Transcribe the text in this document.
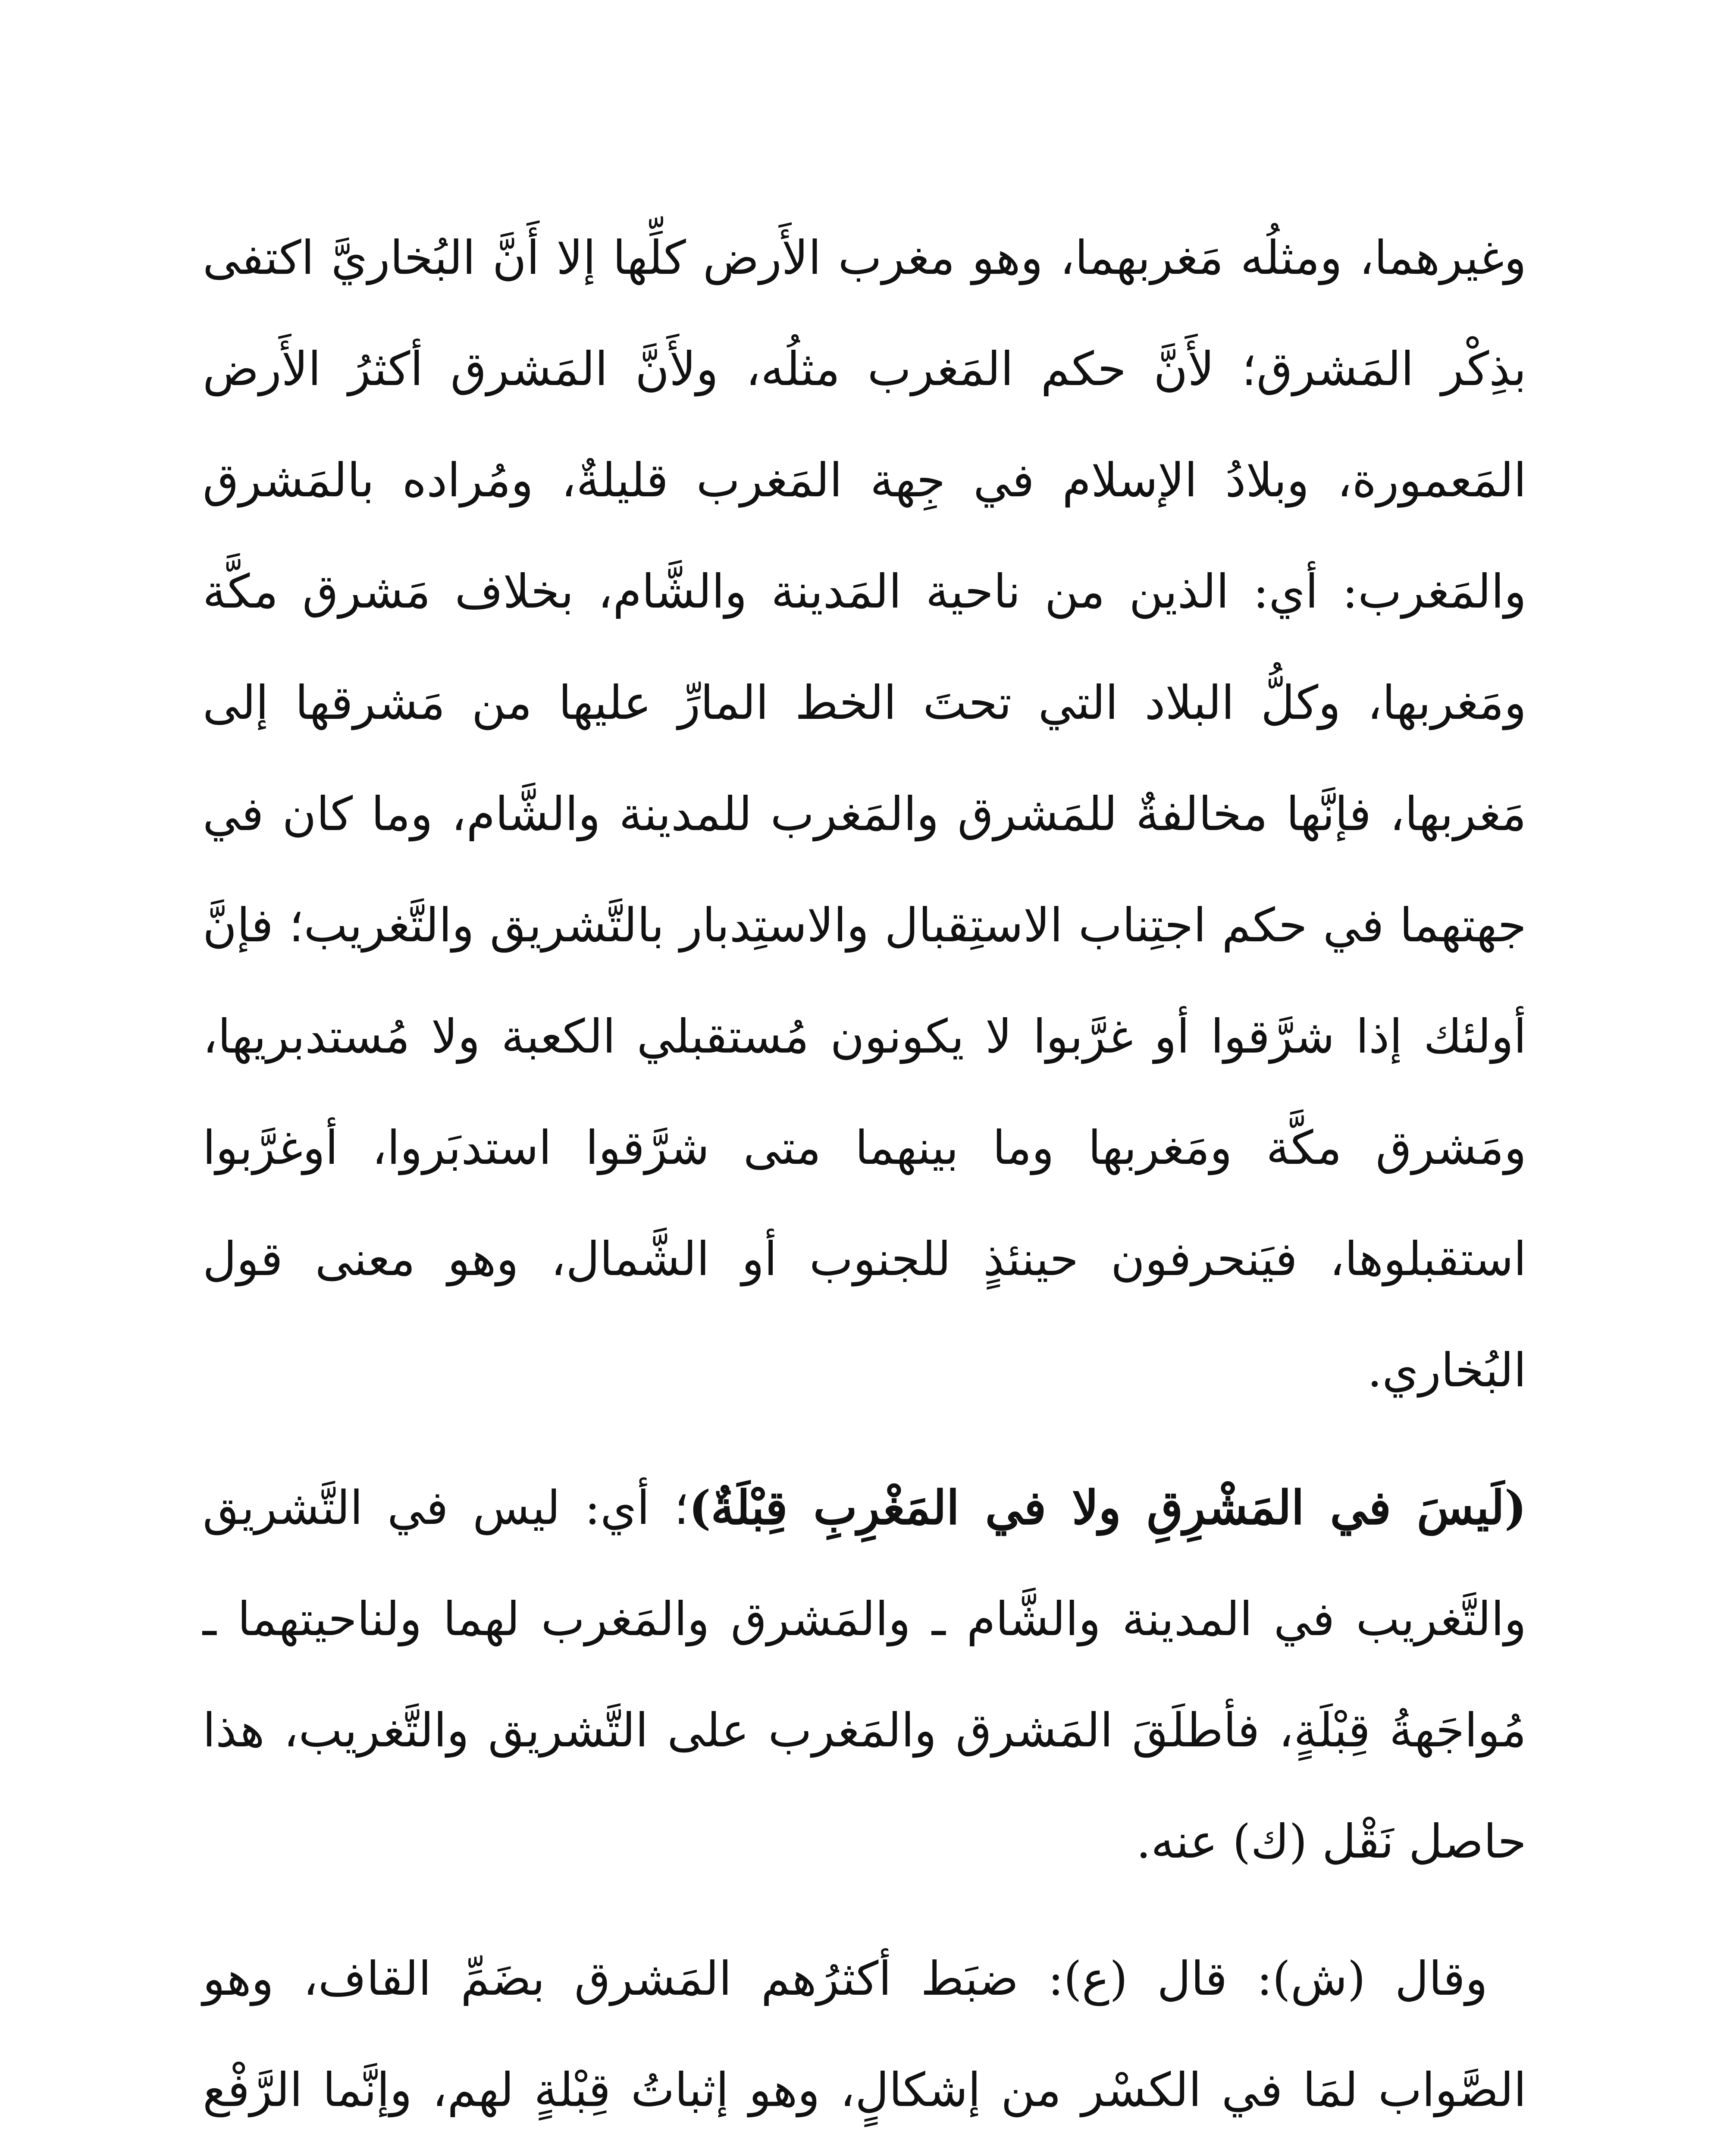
وغيرهما، ومثلُه مَغربهما، وهو مغرب الأَرض كلِّها إلا أَنَّ البُخاريَّ اكتفى بذِكْر المَشرق؛ لأَنَّ حكم المَغرب مثلُه، ولأَنَّ المَشرق أكثرُ الأَرض المَعمورة، وبلادُ الإسلام في جِهة المَغرب قليلةٌ، ومُراده بالمَشرق والمَغرب: أي: الذين من ناحية المَدينة والشَّام، بخلاف مَشرق مكَّة ومَغربها، وكلُّ البلاد التي تحتَ الخط المارِّ عليها من مَشرقها إلى مَغربها، فإنَّها مخالفةٌ للمَشرق والمَغرب للمدينة والشَّام، وما كان في جهتهما في حكم اجتِناب الاستِقبال والاستِدبار بالتَّشريق والتَّغريب؛ فإنَّ أولئك إذا شرَّقوا أو غرَّبوا لا يكونون مُستقبلي الكعبة ولا مُستدبريها، ومَشرق مكَّة ومَغربها وما بينهما متى شرَّقوا استدبَروا، أوغرَّبوا استقبلوها، فيَنحرفون حينئذٍ للجنوب أو الشَّمال، وهو معنى قول البُخاري.

(لَيسَ في المَشْرِقِ ولا في المَغْرِبِ قِبْلَةٌ)؛ أي: ليس في التَّشريق والتَّغريب في المدينة والشَّام ـ والمَشرق والمَغرب لهما ولناحيتهما ـ مُواجَهةُ قِبْلَةٍ، فأطلَقَ المَشرق والمَغرب على التَّشريق والتَّغريب، هذا حاصل نَقْل (ك) عنه.

وقال (ش): قال (ع): ضبَط أكثرُهم المَشرق بضَمِّ القاف، وهو الصَّواب لمَا في الكسْر من إشكالٍ، وهو إثباتُ قِبْلةٍ لهم، وإنَّما الرَّفْع
